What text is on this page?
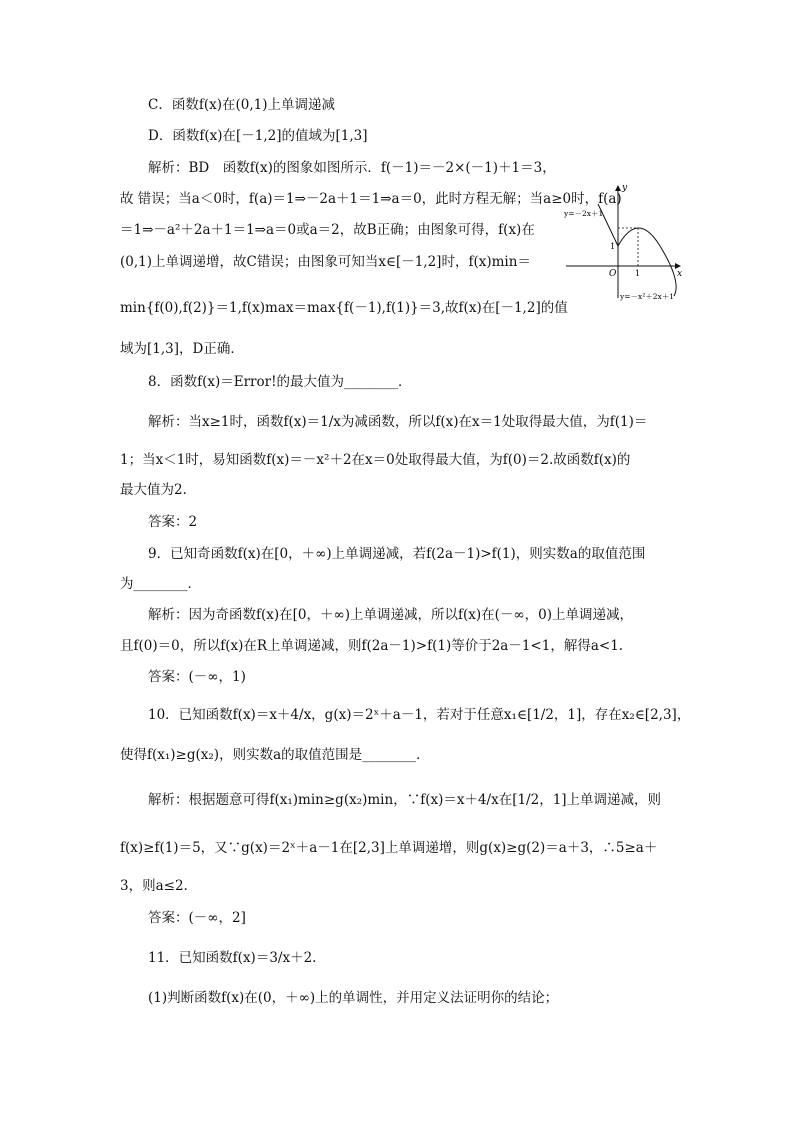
C．函数f(x)在(0,1)上单调递减
D．函数f(x)在[－1,2]的值域为[1,3]
解析：BD　函数f(x)的图象如图所示．f(－1)＝－2×(－1)＋1＝3，
故 错误；当a＜0时，f(a)＝1⇒－2a＋1＝1⇒a＝0，此时方程无解；当a≥0时，f(a)
＝1⇒－a²＋2a＋1＝1⇒a＝0或a＝2，故B正确；由图象可得，f(x)在
(0,1)上单调递增，故C错误；由图象可知当x∈[－1,2]时，f(x)min＝
min{f(0),f(2)}＝1,f(x)max＝max{f(－1),f(1)}＝3,故f(x)在[－1,2]的值
域为[1,3]，D正确．
8．函数f(x)＝Error!的最大值为________．
解析：当x≥1时，函数f(x)＝1/x为减函数，所以f(x)在x＝1处取得最大值，为f(1)＝
1；当x＜1时，易知函数f(x)＝－x²＋2在x＝0处取得最大值，为f(0)＝2.故函数f(x)的
最大值为2.
答案：2
9．已知奇函数f(x)在[0，＋∞)上单调递减，若f(2a－1)>f(1)，则实数a的取值范围
为________．
解析：因为奇函数f(x)在[0，＋∞)上单调递减，所以f(x)在(－∞，0)上单调递减，
且f(0)＝0，所以f(x)在R上单调递减，则f(2a－1)>f(1)等价于2a－1<1，解得a<1.
答案：(－∞，1)
10．已知函数f(x)＝x＋4/x，g(x)＝2ˣ＋a－1，若对于任意x₁∈[1/2，1]，存在x₂∈[2,3]，
使得f(x₁)≥g(x₂)，则实数a的取值范围是________．
解析：根据题意可得f(x₁)min≥g(x₂)min，∵f(x)＝x＋4/x在[1/2，1]上单调递减，则
f(x)≥f(1)＝5，又∵g(x)＝2ˣ＋a－1在[2,3]上单调递增，则g(x)≥g(2)＝a＋3，∴5≥a＋
3，则a≤2.
答案：(－∞，2]
11．已知函数f(x)＝3/x＋2.
(1)判断函数f(x)在(0，＋∞)上的单调性，并用定义法证明你的结论；
y=－2x＋1
y=－x²＋2x＋1
x
y
O 1
1
